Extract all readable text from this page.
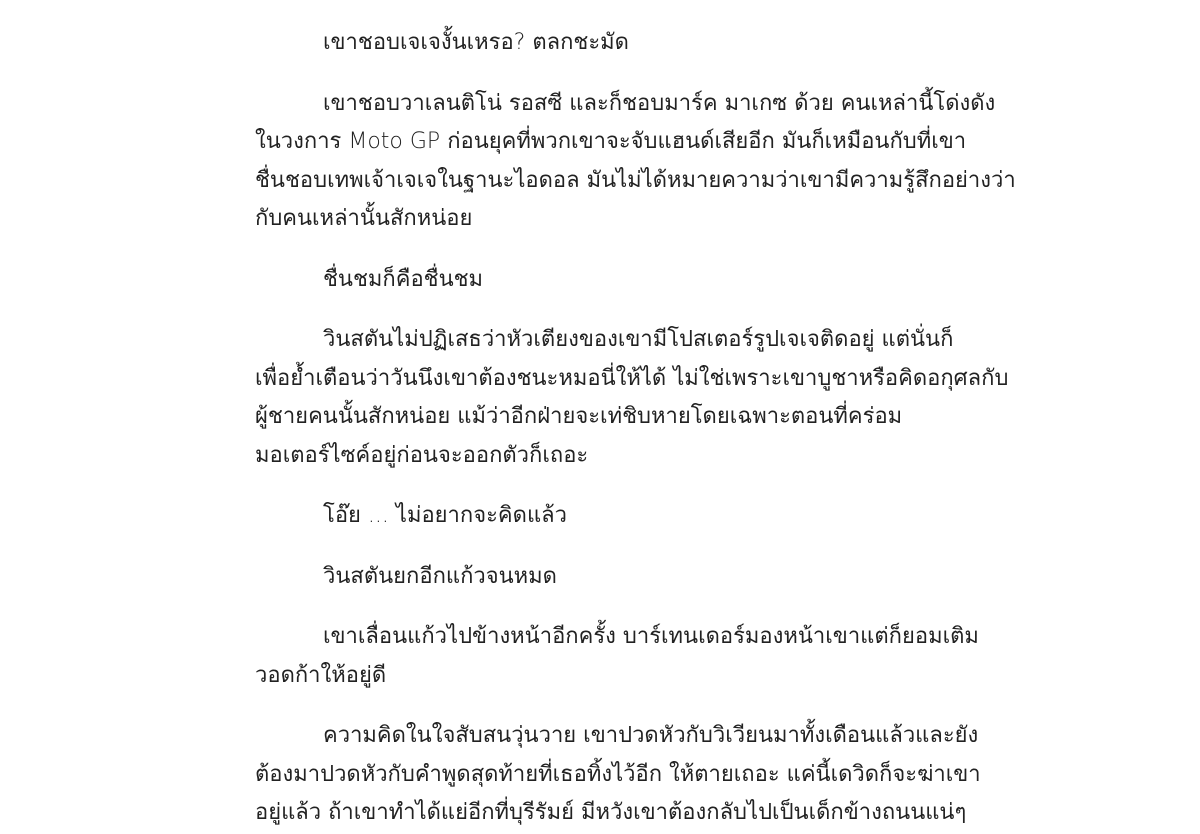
เขาชอบเจเจงั้นเหรอ? ตลกชะมัด

เขาชอบวาเลนติโน่ รอสซี และก็ชอบมาร์ค มาเกซ ด้วย คนเหล่านี้โด่งดัง
ในวงการ Moto GP ก่อนยุคที่พวกเขาจะจับแฮนด์เสียอีก มันก็เหมือนกับที่เขา
ชื่นชอบเทพเจ้าเจเจในฐานะไอดอล มันไม่ได้หมายความว่าเขามีความรู้สึกอย่างว่า
กับคนเหล่านั้นสักหน่อย

ชื่นชมก็คือชื่นชม

วินสตันไม่ปฏิเสธว่าหัวเตียงของเขามีโปสเตอร์รูปเจเจติดอยู่ แต่นั่นก็
เพื่อย้ำเตือนว่าวันนึงเขาต้องชนะหมอนี่ให้ได้ ไม่ใช่เพราะเขาบูชาหรือคิดอกุศลกับ
ผู้ชายคนนั้นสักหน่อย แม้ว่าอีกฝ่ายจะเท่ชิบหายโดยเฉพาะตอนที่คร่อม
มอเตอร์ไซค์อยู่ก่อนจะออกตัวก็เถอะ

โอ๊ย ... ไม่อยากจะคิดแล้ว

วินสตันยกอีกแก้วจนหมด

เขาเลื่อนแก้วไปข้างหน้าอีกครั้ง บาร์เทนเดอร์มองหน้าเขาแต่ก็ยอมเติม
วอดก้าให้อยู่ดี

ความคิดในใจสับสนวุ่นวาย เขาปวดหัวกับวิเวียนมาทั้งเดือนแล้วและยัง
ต้องมาปวดหัวกับคำพูดสุดท้ายที่เธอทิ้งไว้อีก ให้ตายเถอะ แค่นี้เดวิดก็จะฆ่าเขา
อยู่แล้ว ถ้าเขาทำได้แย่อีกที่บุรีรัมย์ มีหวังเขาต้องกลับไปเป็นเด็กข้างถนนแน่ๆ
